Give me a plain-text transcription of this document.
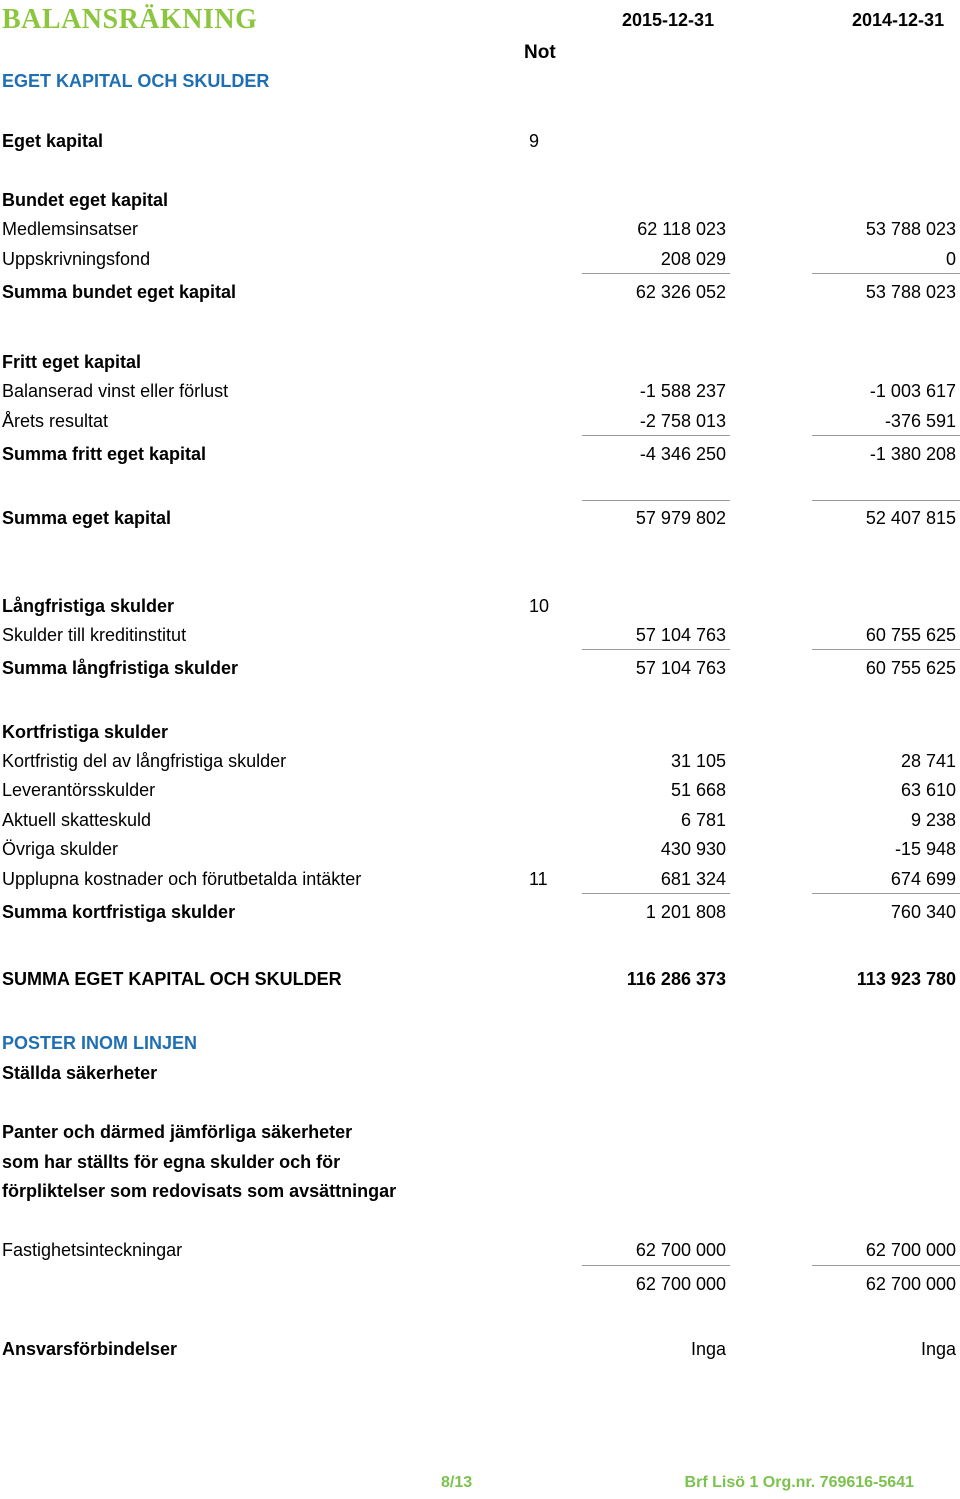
BALANSRÄKNING	2015-12-31	2014-12-31
Not
EGET KAPITAL OCH SKULDER
Eget kapital	9
Bundet eget kapital
Medlemsinsatser	62 118 023	53 788 023
Uppskrivningsfond	208 029	0
Summa bundet eget kapital	62 326 052	53 788 023
Fritt eget kapital
Balanserad vinst eller förlust	-1 588 237	-1 003 617
Årets resultat	-2 758 013	-376 591
Summa fritt eget kapital	-4 346 250	-1 380 208
Summa eget kapital	57 979 802	52 407 815
Långfristiga skulder	10
Skulder till kreditinstitut	57 104 763	60 755 625
Summa långfristiga skulder	57 104 763	60 755 625
Kortfristiga skulder
Kortfristig del av långfristiga skulder	31 105	28 741
Leverantörsskulder	51 668	63 610
Aktuell skatteskuld	6 781	9 238
Övriga skulder	430 930	-15 948
Upplupna kostnader och förutbetalda intäkter	11	681 324	674 699
Summa kortfristiga skulder	1 201 808	760 340
SUMMA EGET KAPITAL OCH SKULDER	116 286 373	113 923 780
POSTER INOM LINJEN
Ställda säkerheter
Panter och därmed jämförliga säkerheter
som har ställts för egna skulder och för
förpliktelser som redovisats som avsättningar
Fastighetsinteckningar	62 700 000	62 700 000
62 700 000	62 700 000
Ansvarsförbindelser	Inga	Inga
8/13	Brf Lisö 1 Org.nr. 769616-5641
